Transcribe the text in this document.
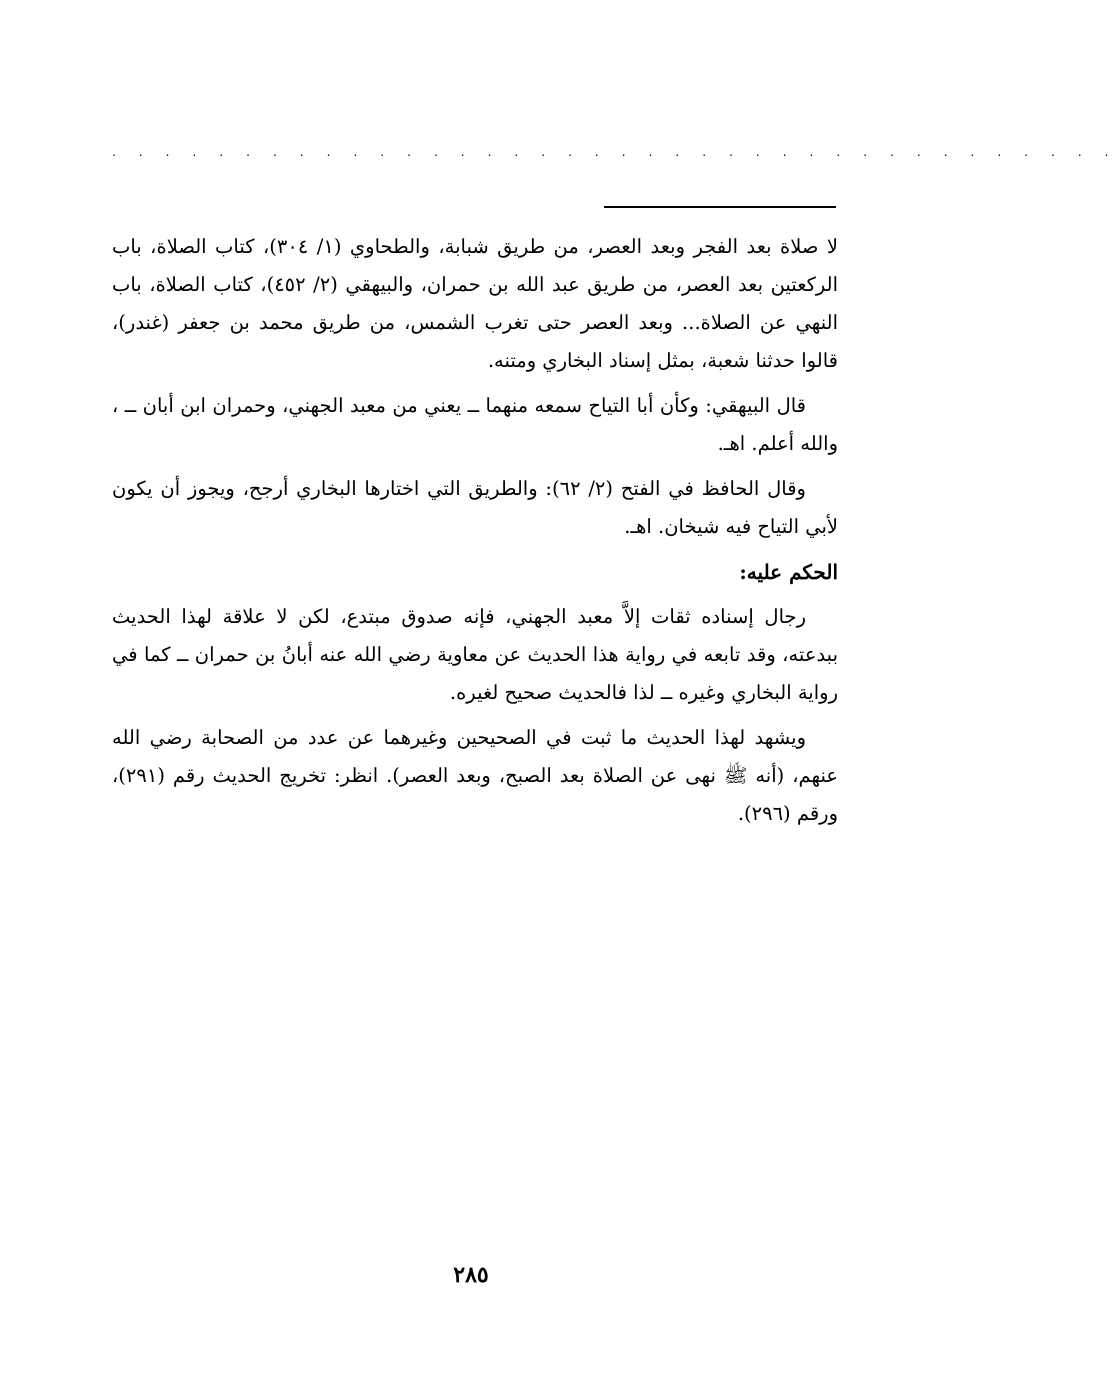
. . . . . . . . . . . . . . . . . . . . . . . . . . . . . . . . . . . . . .

لا صلاة بعد الفجر وبعد العصر، من طريق شبابة، والطحاوي (١/ ٣٠٤)، كتاب الصلاة، باب الركعتين بعد العصر، من طريق عبد الله بن حمران، والبيهقي (٢/ ٤٥٢)، كتاب الصلاة، باب النهي عن الصلاة... وبعد العصر حتى تغرب الشمس، من طريق محمد بن جعفر (غندر)، قالوا حدثنا شعبة، بمثل إسناد البخاري ومتنه.

قال البيهقي: وكأن أبا التياح سمعه منهما ــ يعني من معبد الجهني، وحمران ابن أبان ــ ، والله أعلم. اهـ.

وقال الحافظ في الفتح (٢/ ٦٢): والطريق التي اختارها البخاري أرجح، ويجوز أن يكون لأبي التياح فيه شيخان. اهـ.

الحكم عليه:

رجال إسناده ثقات إلاَّ معبد الجهني، فإنه صدوق مبتدع، لكن لا علاقة لهذا الحديث ببدعته، وقد تابعه في رواية هذا الحديث عن معاوية رضي الله عنه أبانُ بن حمران ــ كما في رواية البخاري وغيره ــ لذا فالحديث صحيح لغيره.

ويشهد لهذا الحديث ما ثبت في الصحيحين وغيرهما عن عدد من الصحابة رضي الله عنهم، (أنه ﷺ نهى عن الصلاة بعد الصبح، وبعد العصر). انظر: تخريج الحديث رقم (٢٩١)، ورقم (٢٩٦).

٢٨٥
